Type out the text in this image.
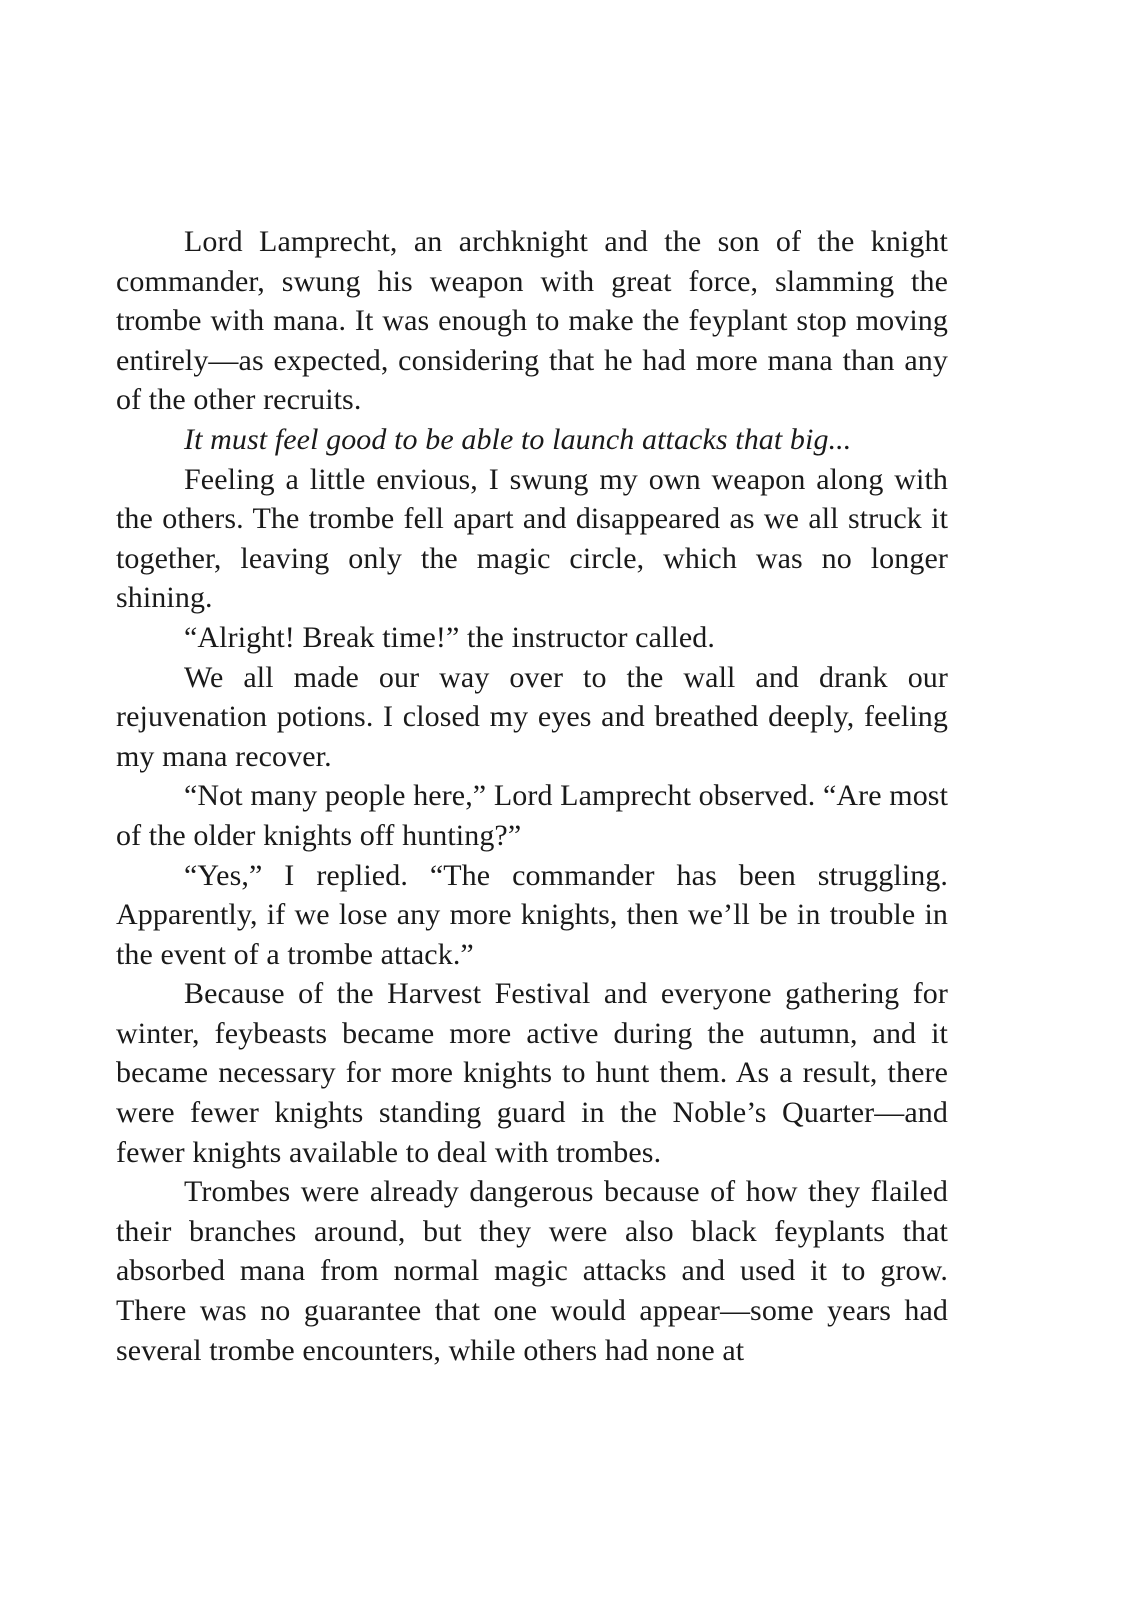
Lord Lamprecht, an archknight and the son of the knight commander, swung his weapon with great force, slamming the trombe with mana. It was enough to make the feyplant stop moving entirely—as expected, considering that he had more mana than any of the other recruits.

It must feel good to be able to launch attacks that big...

Feeling a little envious, I swung my own weapon along with the others. The trombe fell apart and disappeared as we all struck it together, leaving only the magic circle, which was no longer shining.

“Alright! Break time!” the instructor called.

We all made our way over to the wall and drank our rejuvenation potions. I closed my eyes and breathed deeply, feeling my mana recover.

“Not many people here,” Lord Lamprecht observed. “Are most of the older knights off hunting?”

“Yes,” I replied. “The commander has been struggling. Apparently, if we lose any more knights, then we’ll be in trouble in the event of a trombe attack.”

Because of the Harvest Festival and everyone gathering for winter, feybeasts became more active during the autumn, and it became necessary for more knights to hunt them. As a result, there were fewer knights standing guard in the Noble’s Quarter—and fewer knights available to deal with trombes.

Trombes were already dangerous because of how they flailed their branches around, but they were also black feyplants that absorbed mana from normal magic attacks and used it to grow. There was no guarantee that one would appear—some years had several trombe encounters, while others had none at
